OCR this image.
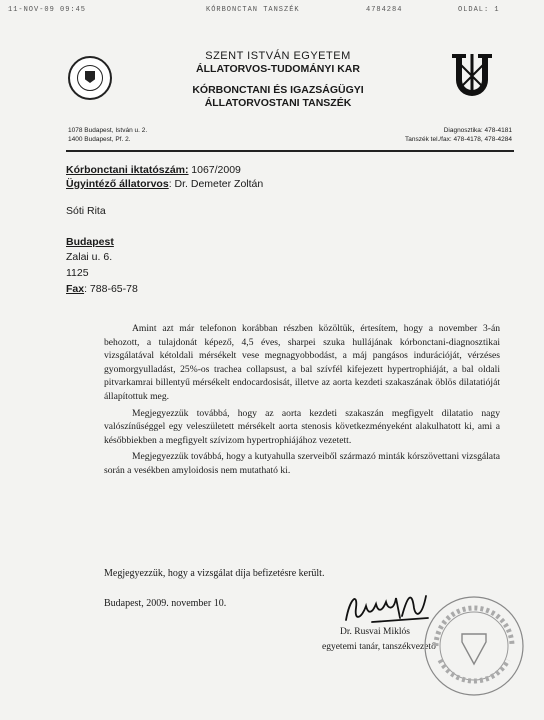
11-NOV-09 09:45	KÓRBONCTAN TANSZÉK	4784284	OLDAL: 1
SZENT ISTVÁN EGYETEM
ÁLLATORVOS-TUDOMÁNYI KAR
KÓRBONCTANI ÉS IGAZSÁGÜGYI
ÁLLATORVOSTANI TANSZÉK
1078 Budapest, István u. 2.
1400 Budapest, Pf. 2.
Diagnosztika: 478-4181
Tanszék tel./fax: 478-4178, 478-4284
Kórbonctani iktatószám: 1067/2009
Ügyintéző állatorvos: Dr. Demeter Zoltán
Sóti Rita
Budapest
Zalai u. 6.
1125
Fax: 788-65-78

Amint azt már telefonon korábban részben közöltük, értesítem, hogy a november 3-án behozott, a tulajdonát képező, 4,5 éves, sharpei szuka hullájának kórbonctani-diagnosztikai vizsgálatával kétoldali mérsékelt vese megnagyobbodást, a máj pangásos indurációját, vérzéses gyomorgyulladást, 25%-os trachea collapsust, a bal szívfél kifejezett hypertrophiáját, a bal oldali pitvarkamrai billentyű mérsékelt endocardosisát, illetve az aorta kezdeti szakaszának öblös dilatatióját állapítottuk meg.

Megjegyezzük továbbá, hogy az aorta kezdeti szakaszán megfigyelt dilatatio nagy valószínűséggel egy veleszületett mérsékelt aorta stenosis következményeként alakulhatott ki, ami a későbbiekben a megfigyelt szívizom hypertrophiájához vezetett.

Megjegyezzük továbbá, hogy a kutyahulla szerveiből származó minták kórszövettani vizsgálata során a vesékben amyloidosis nem mutatható ki.

Megjegyezzük, hogy a vizsgálat díja befizetésre került.
Budapest, 2009. november 10.
Dr. Rusvai Miklós
egyetemi tanár, tanszékvezető
